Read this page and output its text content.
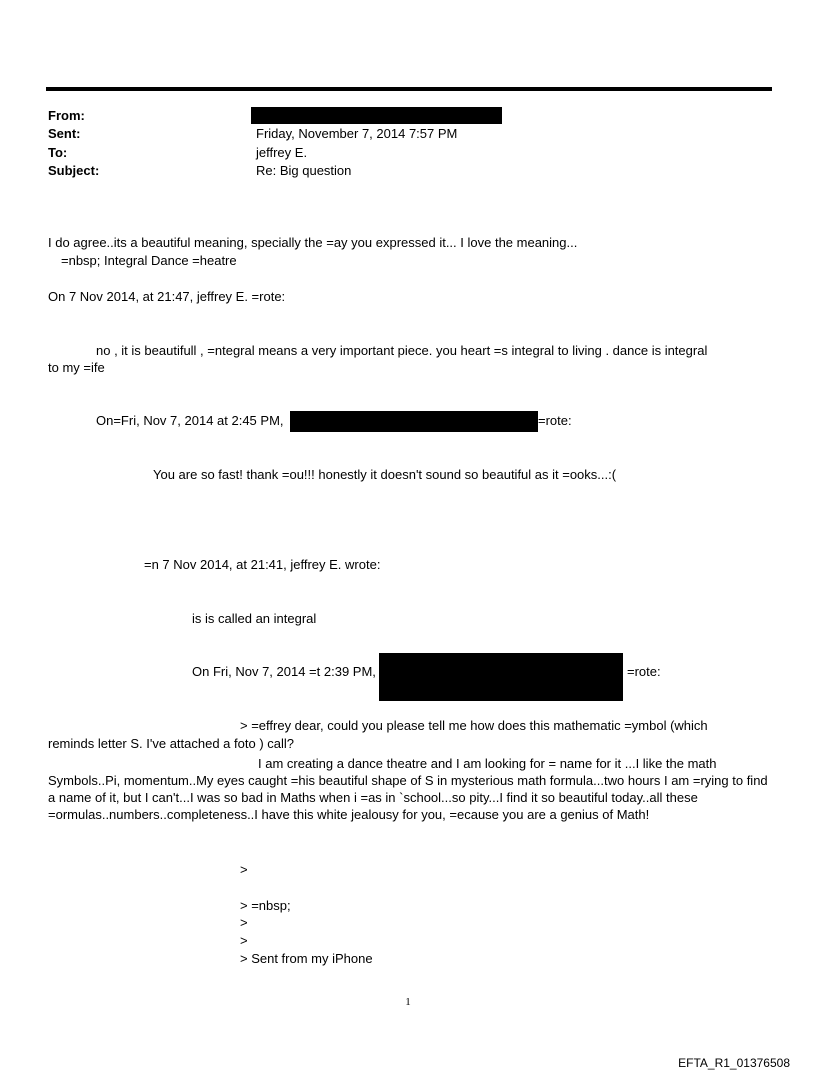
From:
Sent:	Friday, November 7, 2014 7:57 PM
To:	jeffrey E.
Subject:	Re: Big question
I do agree..its a beautiful meaning, specially the =ay you expressed it... I love the meaning...
=nbsp; Integral Dance =heatre
On 7 Nov 2014, at 21:47, jeffrey E. =rote:
no , it is beautifull , =ntegral means a very important piece. you heart =s integral to living . dance is integral
to my =ife
On=Fri, Nov 7, 2014 at 2:45 PM,	=rote:
You are so fast! thank =ou!!! honestly it doesn't sound so beautiful as it =ooks...:(
=n 7 Nov 2014, at 21:41, jeffrey E. wrote:
is is called an integral
On Fri, Nov 7, 2014 =t 2:39 PM,	=rote:
> =effrey dear, could you please tell me how does this mathematic =ymbol (which
reminds letter S. I've attached a foto ) call?
I am creating a dance theatre and I am looking for = name for it ...I like the math
Symbols..Pi, momentum..My eyes caught =his beautiful shape of S in mysterious math formula...two hours I am =rying to find a name of it, but I can't...I was so bad in Maths when i =as in `school...so pity...I find it so beautiful today..all these =ormulas..numbers..completeness..I have this white jealousy for you, =ecause you are a genius of Math!
>
> =nbsp;
>
>
> Sent from my iPhone
1
EFTA_R1_01376508
